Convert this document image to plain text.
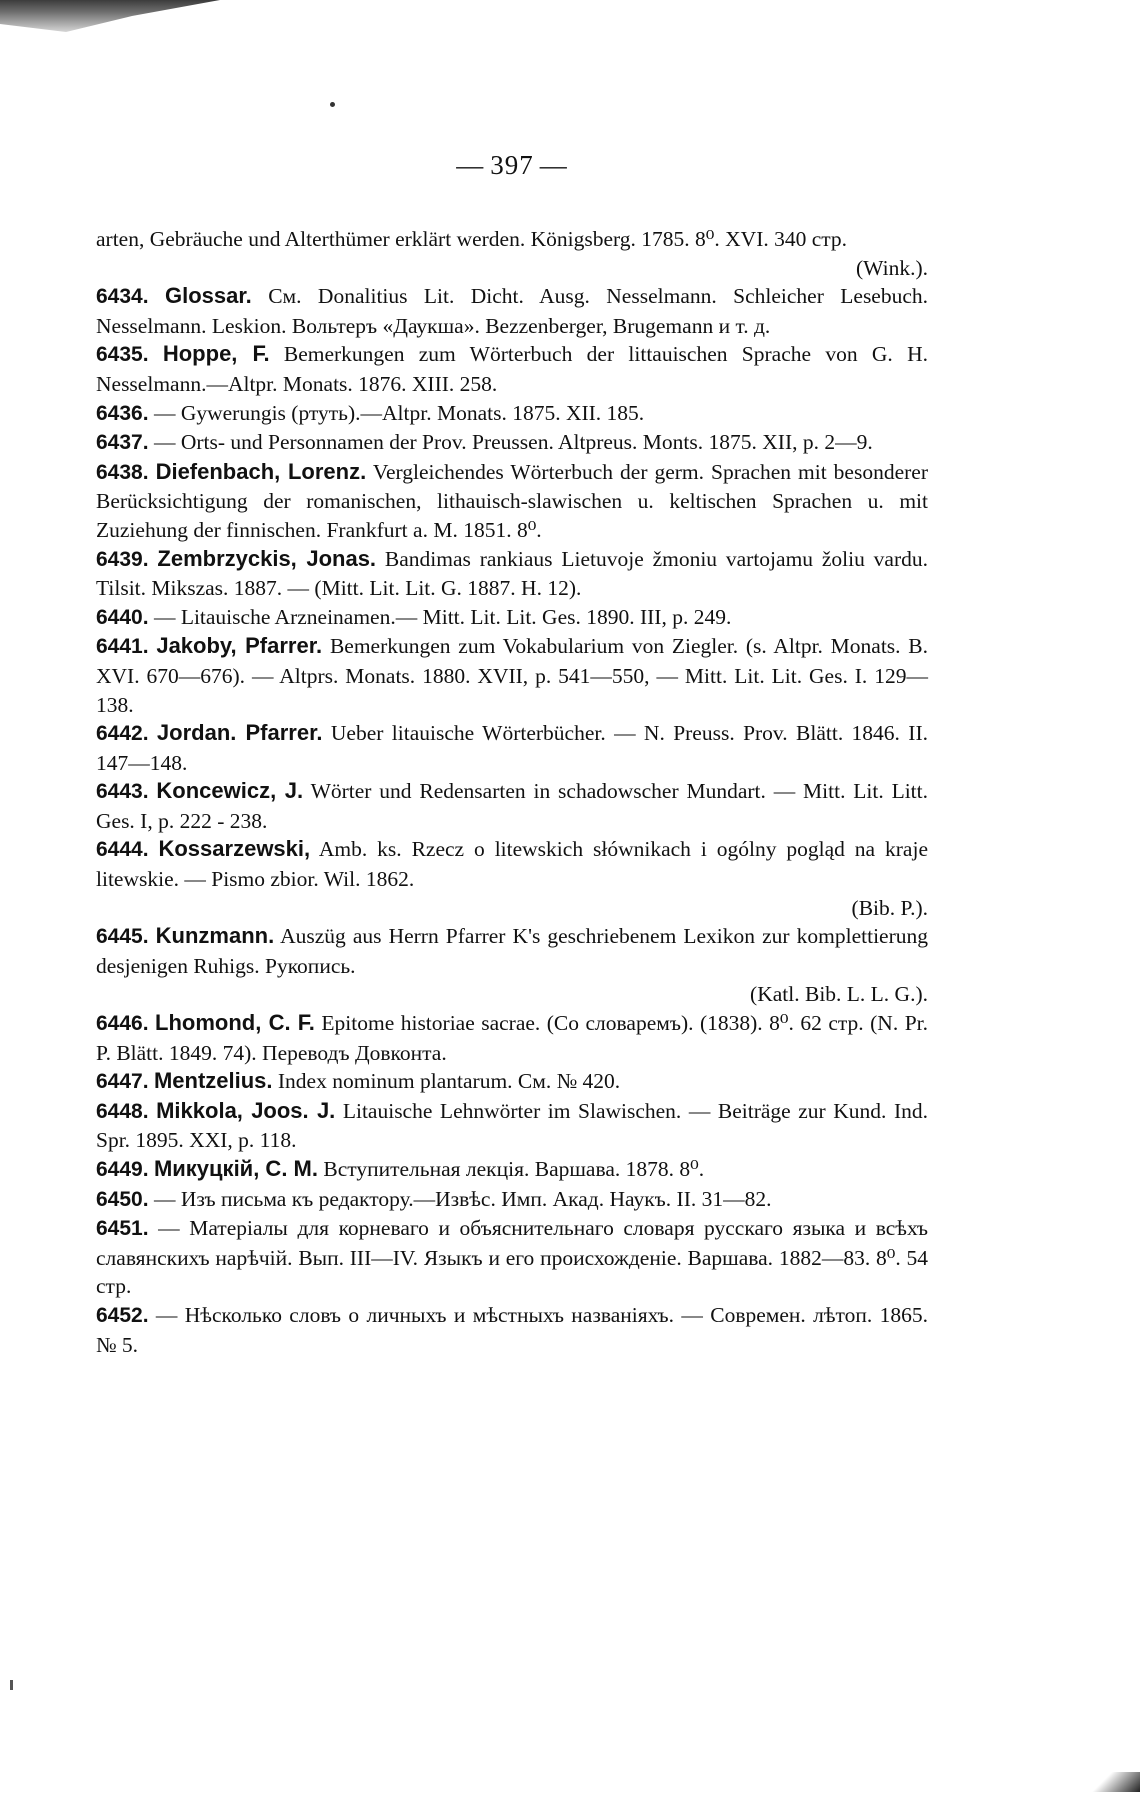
— 397 —

arten, Gebräuche und Alterthümer erklärt werden. Königsberg. 1785. 8⁰. XVI. 340 стр.
(Wink.).

6434. Glossar. См. Donalitius Lit. Dicht. Ausg. Nesselmann. Schleicher Lesebuch. Nesselmann. Leskion. Вольтеръ «Даукша». Bezzenberger, Brugemann и т. д.

6435. Hoppe, F. Bemerkungen zum Wörterbuch der littauischen Sprache von G. H. Nesselmann.—Altpr. Monats. 1876. XIII. 258.

6436. — Gywerungis (ртуть).—Altpr. Monats. 1875. XII. 185.

6437. — Orts- und Personnamen der Prov. Preussen. Altpreus. Monts. 1875. XII, p. 2—9.

6438. Diefenbach, Lorenz. Vergleichendes Wörterbuch der germ. Sprachen mit besonderer Berücksichtigung der romanischen, lithauisch-slawischen u. keltischen Sprachen u. mit Zuziehung der finnischen. Frankfurt a. M. 1851. 8⁰.

6439. Zembrzyckis, Jonas. Bandimas rankiaus Lietuvoje žmoniu vartojamu žoliu vardu. Tilsit. Mikszas. 1887. — (Mitt. Lit. Lit. G. 1887. H. 12).

6440. — Litauische Arzneinamen.— Mitt. Lit. Lit. Ges. 1890. III, p. 249.

6441. Jakoby, Pfarrer. Bemerkungen zum Vokabularium von Ziegler. (s. Altpr. Monats. B. XVI. 670—676). — Altprs. Monats. 1880. XVII, p. 541—550, — Mitt. Lit. Lit. Ges. I. 129—138.

6442. Jordan. Pfarrer. Ueber litauische Wörterbücher. — N. Preuss. Prov. Blätt. 1846. II. 147—148.

6443. Koncewicz, J. Wörter und Redensarten in schadowscher Mundart. — Mitt. Lit. Litt. Ges. I, p. 222 - 238.

6444. Kossarzewski, Amb. ks. Rzecz o litewskich słównikach i ogólny pogląd na kraje litewskie. — Pismo zbior. Wil. 1862.
(Bib. P.).

6445. Kunzmann. Auszüg aus Herrn Pfarrer K's geschriebenem Lexikon zur komplettierung desjenigen Ruhigs. Рукопись.
(Katl. Bib. L. L. G.).

6446. Lhomond, C. F. Epitome historiae sacrae. (Со словаремъ). (1838). 8⁰. 62 стр. (N. Pr. P. Blätt. 1849. 74). Переводъ Довконта.

6447. Mentzelius. Index nominum plantarum. См. № 420.

6448. Mikkola, Joos. J. Litauische Lehnwörter im Slawischen. — Beiträge zur Kund. Ind. Spr. 1895. XXI, p. 118.

6449. Микуцкій, С. М. Вступительная лекція. Варшава. 1878. 8⁰.

6450. — Изъ письма къ редактору.—Извѣс. Имп. Акад. Наукъ. II. 31—82.

6451. — Матеріалы для корневаго и объяснительнаго словаря русскаго языка и всѣхъ славянскихъ нарѣчій. Вып. III—IV. Языкъ и его происхожденіе. Варшава. 1882—83. 8⁰. 54 стр.

6452. — Нѣсколько словъ о личныхъ и мѣстныхъ названіяхъ. — Современ. лѣтоп. 1865. № 5.
